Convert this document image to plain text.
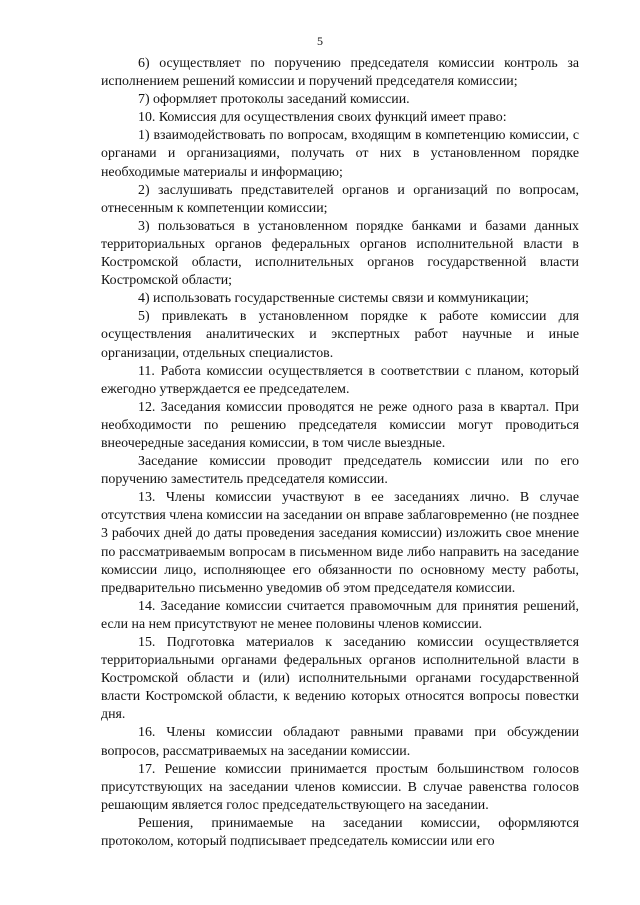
5

6) осуществляет по поручению председателя комиссии контроль за исполнением решений комиссии и поручений председателя комиссии;

7) оформляет протоколы заседаний комиссии.

10. Комиссия для осуществления своих функций имеет право:

1) взаимодействовать по вопросам, входящим в компетенцию комиссии, с органами и организациями, получать от них в установленном порядке необходимые материалы и информацию;

2) заслушивать представителей органов и организаций по вопросам, отнесенным к компетенции комиссии;

3) пользоваться в установленном порядке банками и базами данных территориальных органов федеральных органов исполнительной власти в Костромской области, исполнительных органов государственной власти Костромской области;

4) использовать государственные системы связи и коммуникации;

5) привлекать в установленном порядке к работе комиссии для осуществления аналитических и экспертных работ научные и иные организации, отдельных специалистов.

11. Работа комиссии осуществляется в соответствии с планом, который ежегодно утверждается ее председателем.

12. Заседания комиссии проводятся не реже одного раза в квартал. При необходимости по решению председателя комиссии могут проводиться внеочередные заседания комиссии, в том числе выездные.

Заседание комиссии проводит председатель комиссии или по его поручению заместитель председателя комиссии.

13. Члены комиссии участвуют в ее заседаниях лично. В случае отсутствия члена комиссии на заседании он вправе заблаговременно (не позднее 3 рабочих дней до даты проведения заседания комиссии) изложить свое мнение по рассматриваемым вопросам в письменном виде либо направить на заседание комиссии лицо, исполняющее его обязанности по основному месту работы, предварительно письменно уведомив об этом председателя комиссии.

14. Заседание комиссии считается правомочным для принятия решений, если на нем присутствуют не менее половины членов комиссии.

15. Подготовка материалов к заседанию комиссии осуществляется территориальными органами федеральных органов исполнительной власти в Костромской области и (или) исполнительными органами государственной власти Костромской области, к ведению которых относятся вопросы повестки дня.

16. Члены комиссии обладают равными правами при обсуждении вопросов, рассматриваемых на заседании комиссии.

17. Решение комиссии принимается простым большинством голосов присутствующих на заседании членов комиссии. В случае равенства голосов решающим является голос председательствующего на заседании.

Решения, принимаемые на заседании комиссии, оформляются протоколом, который подписывает председатель комиссии или его
